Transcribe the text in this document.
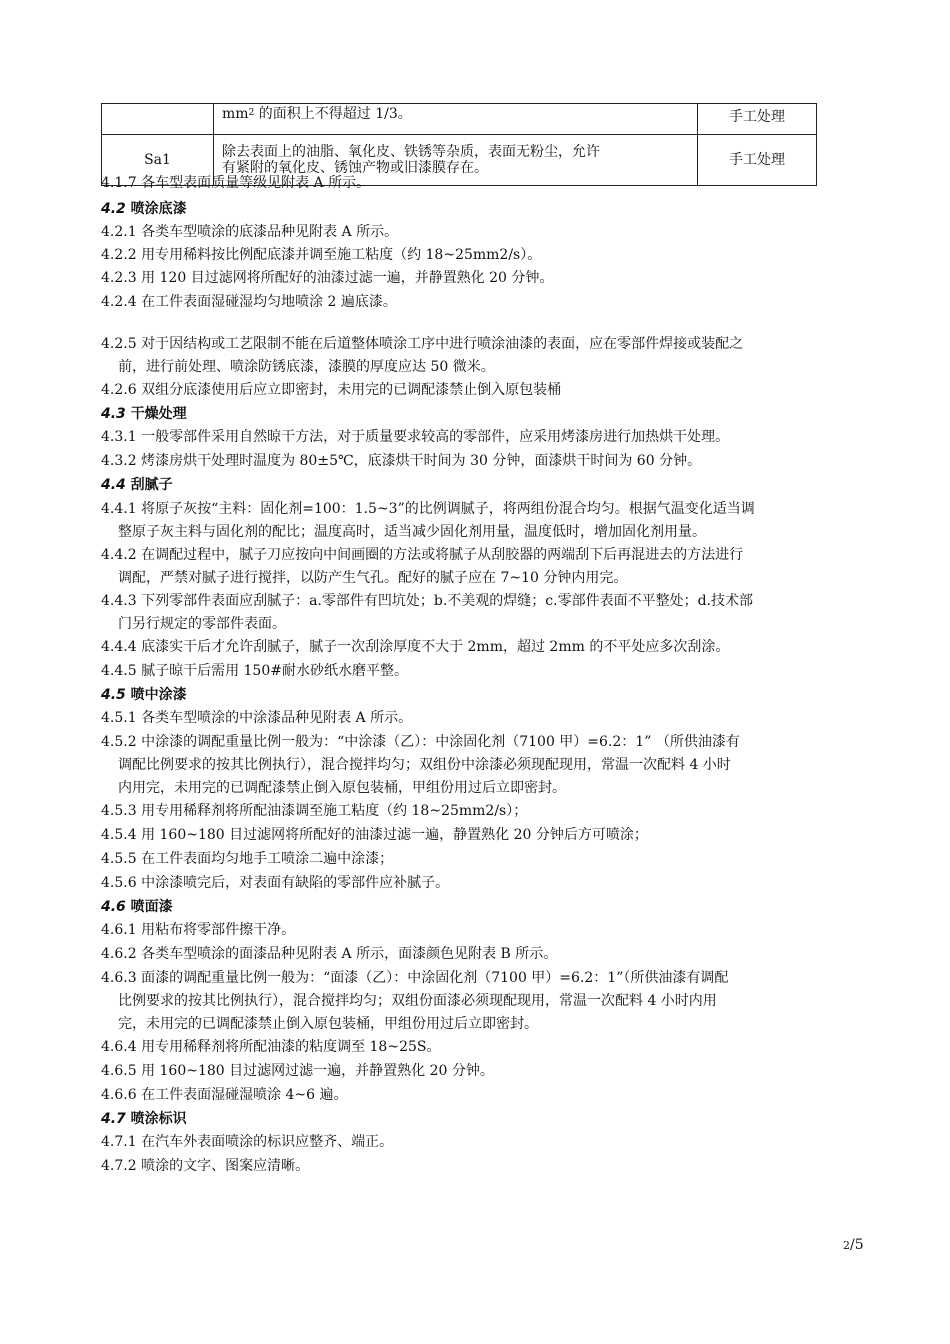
	$mm_2$ 的面积上不得超过 1/3。	手工处理
Sa1	除去表面上的油脂、氧化皮、铁锈等杂质，表面无粉尘，允许
有紧附的氧化皮、锈蚀产物或旧漆膜存在。	手工处理
4.1.7 各车型表面质量等级见附表 A 所示。
4.2 喷涂底漆
4.2.1 各类车型喷涂的底漆品种见附表 A 所示。
4.2.2 用专用稀料按比例配底漆并调至施工粘度（约 18~25mm2/s）。
4.2.3 用 120 目过滤网将所配好的油漆过滤一遍，并静置熟化 20 分钟。
4.2.4 在工件表面湿碰湿均匀地喷涂 2 遍底漆。
4.2.5 对于因结构或工艺限制不能在后道整体喷涂工序中进行喷涂油漆的表面，应在零部件焊接或装配之
前，进行前处理、喷涂防锈底漆，漆膜的厚度应达 50 微米。
4.2.6 双组分底漆使用后应立即密封，未用完的已调配漆禁止倒入原包装桶
4.3 干燥处理
4.3.1 一般零部件采用自然晾干方法，对于质量要求较高的零部件，应采用烤漆房进行加热烘干处理。
4.3.2 烤漆房烘干处理时温度为 80±5℃，底漆烘干时间为 30 分钟，面漆烘干时间为 60 分钟。
4.4 刮腻子
4.4.1 将原子灰按“主料：固化剂=100：1.5~3”的比例调腻子，将两组份混合均匀。根据气温变化适当调
整原子灰主料与固化剂的配比；温度高时，适当减少固化剂用量，温度低时，增加固化剂用量。
4.4.2 在调配过程中，腻子刀应按向中间画圈的方法或将腻子从刮胶器的两端刮下后再混进去的方法进行
调配，严禁对腻子进行搅拌，以防产生气孔。配好的腻子应在 7~10 分钟内用完。
4.4.3 下列零部件表面应刮腻子：a.零部件有凹坑处；b.不美观的焊缝；c.零部件表面不平整处；d.技术部
门另行规定的零部件表面。
4.4.4 底漆实干后才允许刮腻子，腻子一次刮涂厚度不大于 2mm，超过 2mm 的不平处应多次刮涂。
4.4.5 腻子晾干后需用 150#耐水砂纸水磨平整。
4.5 喷中涂漆
4.5.1 各类车型喷涂的中涂漆品种见附表 A 所示。
4.5.2 中涂漆的调配重量比例一般为：“中涂漆（乙）：中涂固化剂（7100 甲）=6.2：1” （所供油漆有
调配比例要求的按其比例执行），混合搅拌均匀；双组份中涂漆必须现配现用，常温一次配料 4 小时
内用完，未用完的已调配漆禁止倒入原包装桶，甲组份用过后立即密封。
4.5.3 用专用稀释剂将所配油漆调至施工粘度（约 18~25mm2/s）；
4.5.4 用 160~180 目过滤网将所配好的油漆过滤一遍，静置熟化 20 分钟后方可喷涂；
4.5.5 在工件表面均匀地手工喷涂二遍中涂漆；
4.5.6 中涂漆喷完后，对表面有缺陷的零部件应补腻子。
4.6 喷面漆
4.6.1 用粘布将零部件擦干净。
4.6.2 各类车型喷涂的面漆品种见附表 A 所示，面漆颜色见附表 B 所示。
4.6.3 面漆的调配重量比例一般为：“面漆（乙）：中涂固化剂（7100 甲）=6.2：1”（所供油漆有调配
比例要求的按其比例执行），混合搅拌均匀；双组份面漆必须现配现用，常温一次配料 4 小时内用
完，未用完的已调配漆禁止倒入原包装桶，甲组份用过后立即密封。
4.6.4 用专用稀释剂将所配油漆的粘度调至 18~25S。
4.6.5 用 160~180 目过滤网过滤一遍，并静置熟化 20 分钟。
4.6.6 在工件表面湿碰湿喷涂 4~6 遍。
4.7 喷涂标识
4.7.1 在汽车外表面喷涂的标识应整齐、端正。
4.7.2 喷涂的文字、图案应清晰。
2/5
